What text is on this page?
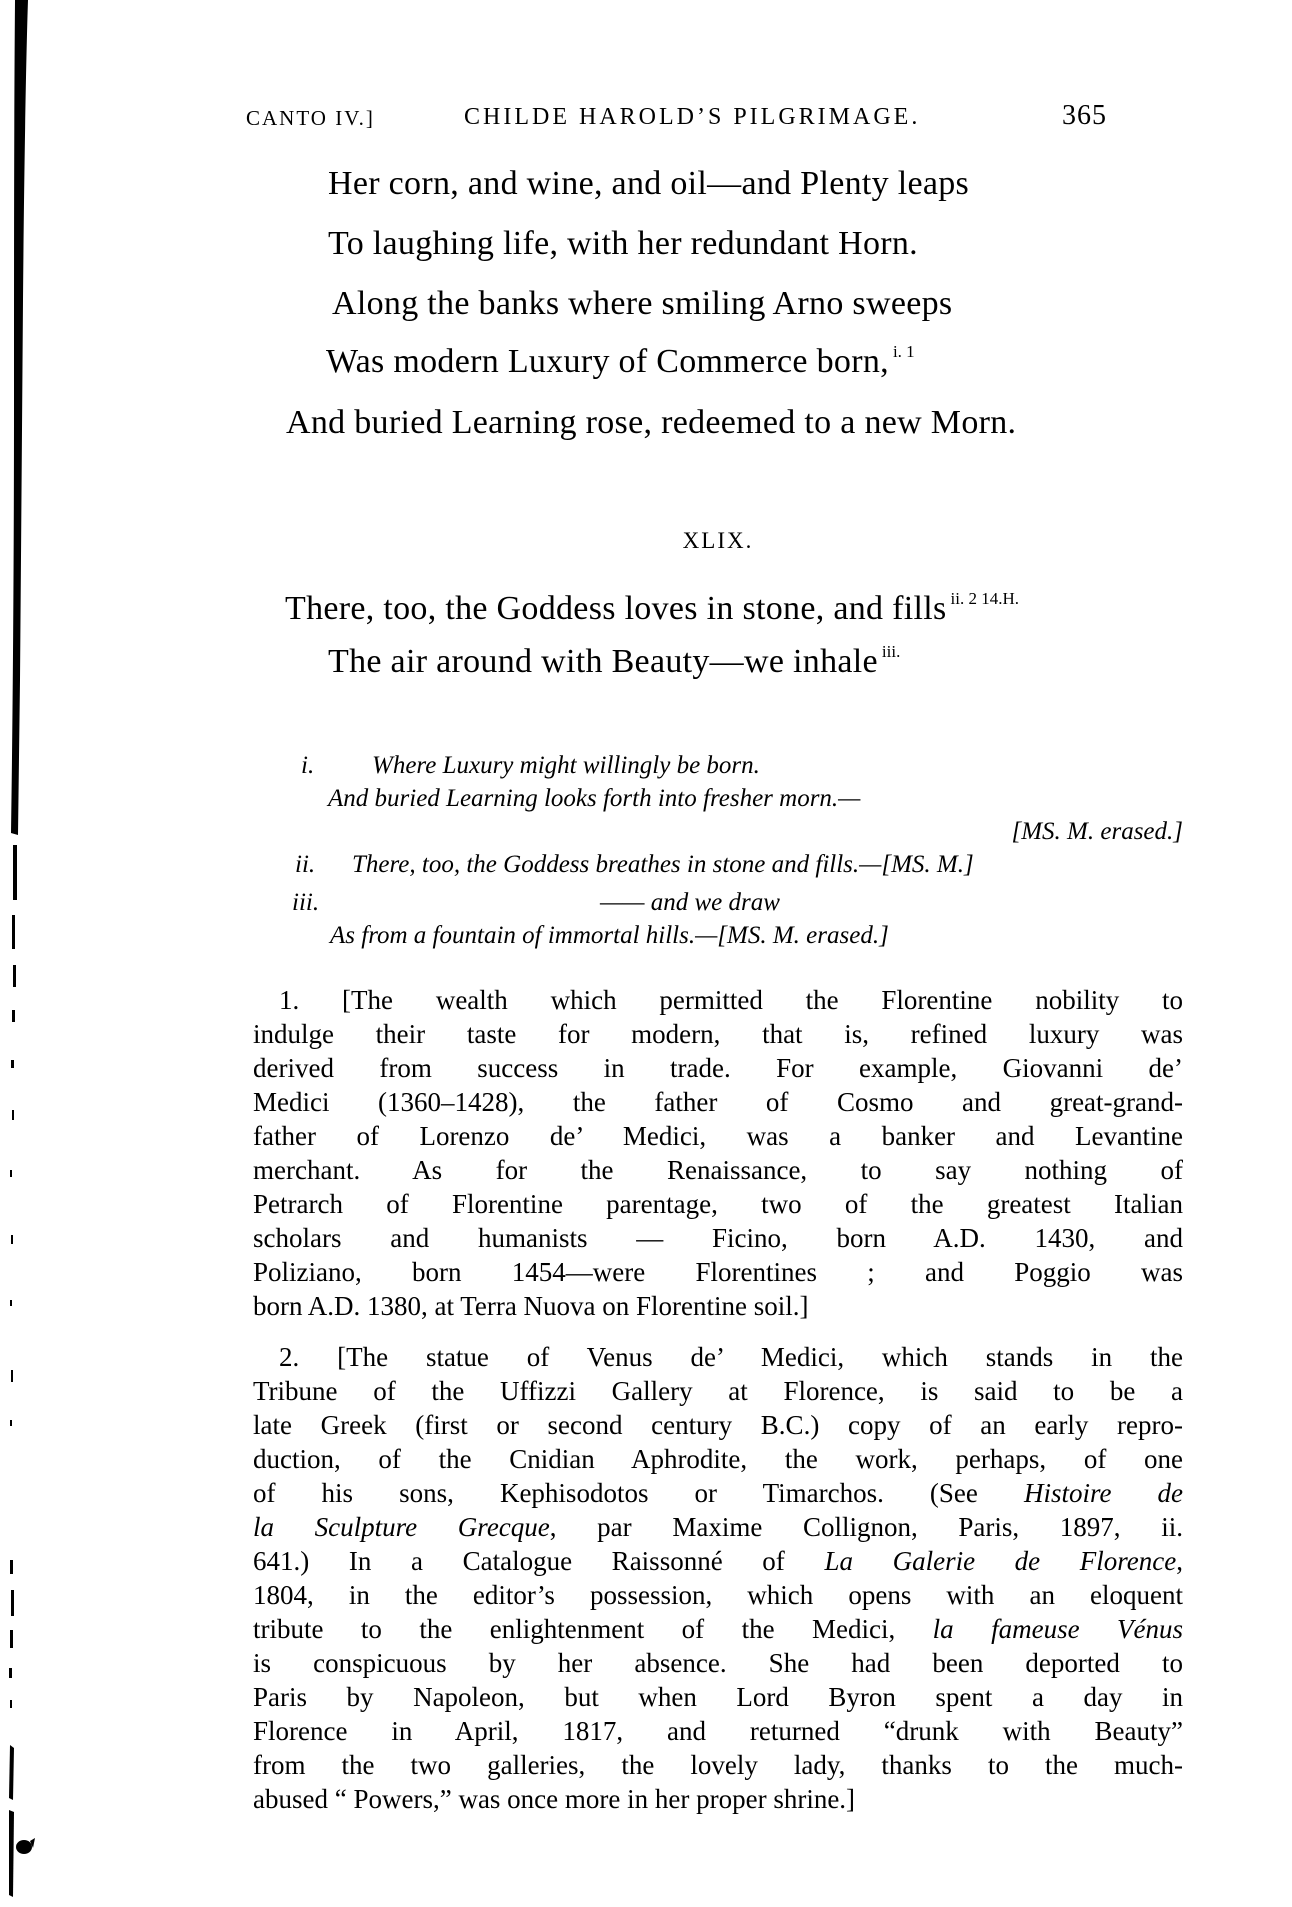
CANTO IV.]	CHILDE HAROLD’S PILGRIMAGE.	365
Her corn, and wine, and oil—and Plenty leaps
To laughing life, with her redundant Horn.
Along the banks where smiling Arno sweeps
Was modern Luxury of Commerce born, $^{i. 1}$
And buried Learning rose, redeemed to a new Morn.
XLIX.
There, too, the Goddess loves in stone, and fills $^{ii. 2 14.H.}$
The air around with Beauty—we inhale $^{iii.}$
i. Where Luxury might willingly be born.
And buried Learning looks forth into fresher morn.—
[MS. M. erased.]
ii. There, too, the Goddess breathes in stone and fills.—[MS. M.]
iii.	—— and we draw
As from a fountain of immortal hills.—[MS. M. erased.]
1. [The wealth which permitted the Florentine nobility to
indulge their taste for modern, that is, refined luxury was
derived from success in trade. For example, Giovanni de’
Medici (1360–1428), the father of Cosmo and great-grand-
father of Lorenzo de’ Medici, was a banker and Levantine
merchant. As for the Renaissance, to say nothing of
Petrarch of Florentine parentage, two of the greatest Italian
scholars and humanists — Ficino, born A.D. 1430, and
Poliziano, born 1454—were Florentines ; and Poggio was
born A.D. 1380, at Terra Nuova on Florentine soil.]
2. [The statue of Venus de’ Medici, which stands in the
Tribune of the Uffizzi Gallery at Florence, is said to be a
late Greek (first or second century B.C.) copy of an early repro-
duction, of the Cnidian Aphrodite, the work, perhaps, of one
of his sons, Kephisodotos or Timarchos. (See Histoire de
la Sculpture Grecque, par Maxime Collignon, Paris, 1897, ii.
641.) In a Catalogue Raissonné of La Galerie de Florence,
1804, in the editor’s possession, which opens with an eloquent
tribute to the enlightenment of the Medici, la fameuse Vénus
is conspicuous by her absence. She had been deported to
Paris by Napoleon, but when Lord Byron spent a day in
Florence in April, 1817, and returned “drunk with Beauty”
from the two galleries, the lovely lady, thanks to the much-
abused “ Powers,” was once more in her proper shrine.]
